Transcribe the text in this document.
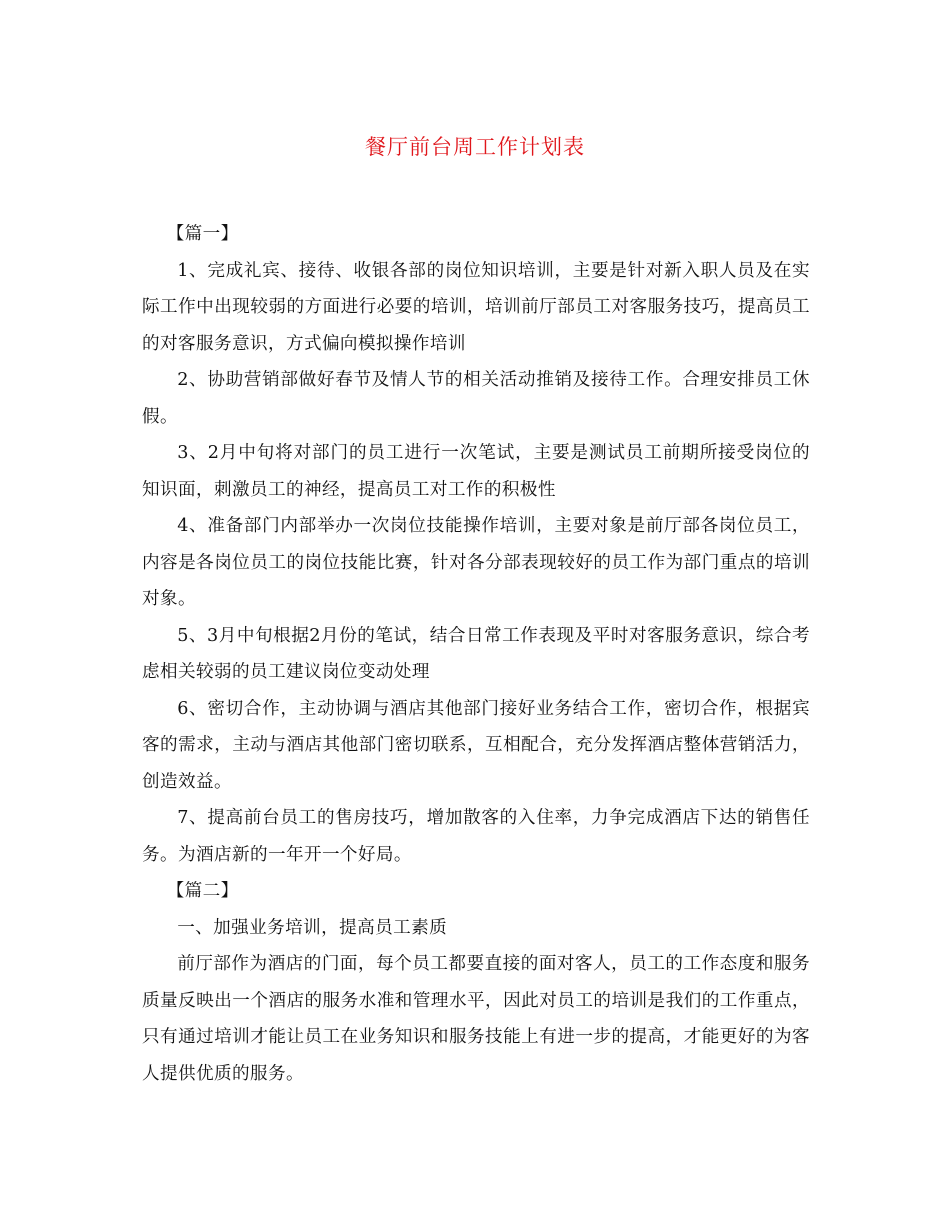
餐厅前台周工作计划表

【篇一】

1、完成礼宾、接待、收银各部的岗位知识培训，主要是针对新入职人员及在实际工作中出现较弱的方面进行必要的培训，培训前厅部员工对客服务技巧，提高员工的对客服务意识，方式偏向模拟操作培训

2、协助营销部做好春节及情人节的相关活动推销及接待工作。合理安排员工休假。

3、2月中旬将对部门的员工进行一次笔试，主要是测试员工前期所接受岗位的知识面，刺激员工的神经，提高员工对工作的积极性

4、准备部门内部举办一次岗位技能操作培训，主要对象是前厅部各岗位员工，内容是各岗位员工的岗位技能比赛，针对各分部表现较好的员工作为部门重点的培训对象。

5、3月中旬根据2月份的笔试，结合日常工作表现及平时对客服务意识，综合考虑相关较弱的员工建议岗位变动处理

6、密切合作，主动协调与酒店其他部门接好业务结合工作，密切合作，根据宾客的需求，主动与酒店其他部门密切联系，互相配合，充分发挥酒店整体营销活力，创造效益。

7、提高前台员工的售房技巧，增加散客的入住率，力争完成酒店下达的销售任务。为酒店新的一年开一个好局。

【篇二】

一、加强业务培训，提高员工素质

前厅部作为酒店的门面，每个员工都要直接的面对客人，员工的工作态度和服务质量反映出一个酒店的服务水准和管理水平，因此对员工的培训是我们的工作重点，只有通过培训才能让员工在业务知识和服务技能上有进一步的提高，才能更好的为客人提供优质的服务。
